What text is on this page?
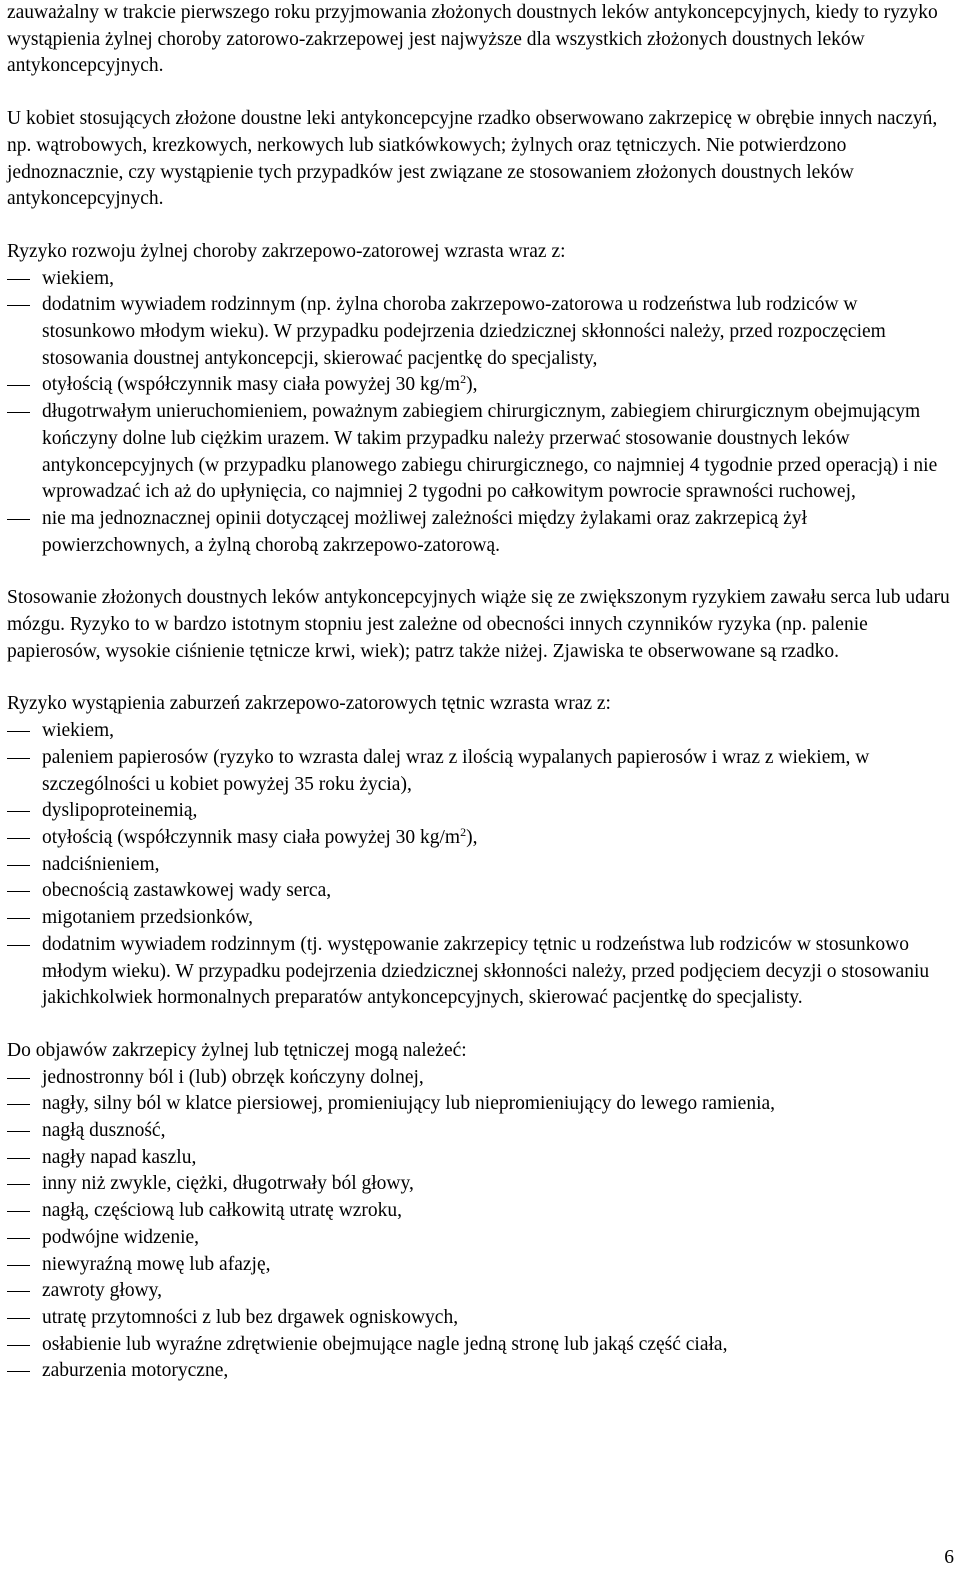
zauważalny w trakcie pierwszego roku przyjmowania złożonych doustnych leków antykoncepcyjnych, kiedy to ryzyko wystąpienia żylnej choroby zatorowo-zakrzepowej jest najwyższe dla wszystkich złożonych doustnych leków antykoncepcyjnych.

U kobiet stosujących złożone doustne leki antykoncepcyjne rzadko obserwowano zakrzepicę w obrębie innych naczyń, np. wątrobowych, krezkowych, nerkowych lub siatkówkowych; żylnych oraz tętniczych. Nie potwierdzono jednoznacznie, czy wystąpienie tych przypadków jest związane ze stosowaniem złożonych doustnych leków antykoncepcyjnych.

Ryzyko rozwoju żylnej choroby zakrzepowo-zatorowej wzrasta wraz z:
wiekiem,
dodatnim wywiadem rodzinnym (np. żylna choroba zakrzepowo-zatorowa u rodzeństwa lub rodziców w stosunkowo młodym wieku). W przypadku podejrzenia dziedzicznej skłonności należy, przed rozpoczęciem stosowania doustnej antykoncepcji, skierować pacjentkę do specjalisty,
otyłością (współczynnik masy ciała powyżej 30 $kg/m^2$),
długotrwałym unieruchomieniem, poważnym zabiegiem chirurgicznym, zabiegiem chirurgicznym obejmującym kończyny dolne lub ciężkim urazem. W takim przypadku należy przerwać stosowanie doustnych leków antykoncepcyjnych (w przypadku planowego zabiegu chirurgicznego, co najmniej 4 tygodnie przed operacją) i nie wprowadzać ich aż do upłynięcia, co najmniej 2 tygodni po całkowitym powrocie sprawności ruchowej,
nie ma jednoznacznej opinii dotyczącej możliwej zależności między żylakami oraz zakrzepicą żył powierzchownych, a żylną chorobą zakrzepowo-zatorową.

Stosowanie złożonych doustnych leków antykoncepcyjnych wiąże się ze zwiększonym ryzykiem zawału serca lub udaru mózgu. Ryzyko to w bardzo istotnym stopniu jest zależne od obecności innych czynników ryzyka (np. palenie papierosów, wysokie ciśnienie tętnicze krwi, wiek); patrz także niżej. Zjawiska te obserwowane są rzadko.

Ryzyko wystąpienia zaburzeń zakrzepowo-zatorowych tętnic wzrasta wraz z:
wiekiem,
paleniem papierosów (ryzyko to wzrasta dalej wraz z ilością wypalanych papierosów i wraz z wiekiem, w szczególności u kobiet powyżej 35 roku życia),
dyslipoproteinemią,
otyłością (współczynnik masy ciała powyżej 30 $kg/m^2$),
nadciśnieniem,
obecnością zastawkowej wady serca,
migotaniem przedsionków,
dodatnim wywiadem rodzinnym (tj. występowanie zakrzepicy tętnic u rodzeństwa lub rodziców w stosunkowo młodym wieku). W przypadku podejrzenia dziedzicznej skłonności należy, przed podjęciem decyzji o stosowaniu jakichkolwiek hormonalnych preparatów antykoncepcyjnych, skierować pacjentkę do specjalisty.
Do objawów zakrzepicy żylnej lub tętniczej mogą należeć:
jednostronny ból i (lub) obrzęk kończyny dolnej,
nagły, silny ból w klatce piersiowej, promieniujący lub niepromieniujący do lewego ramienia,
nagłą duszność,
nagły napad kaszlu,
inny niż zwykle, ciężki, długotrwały ból głowy,
nagłą, częściową lub całkowitą utratę wzroku,
podwójne widzenie,
niewyraźną mowę lub afazję,
zawroty głowy,
utratę przytomności z lub bez drgawek ogniskowych,
osłabienie lub wyraźne zdrętwienie obejmujące nagle jedną stronę lub jakąś część ciała,
zaburzenia motoryczne,
6
